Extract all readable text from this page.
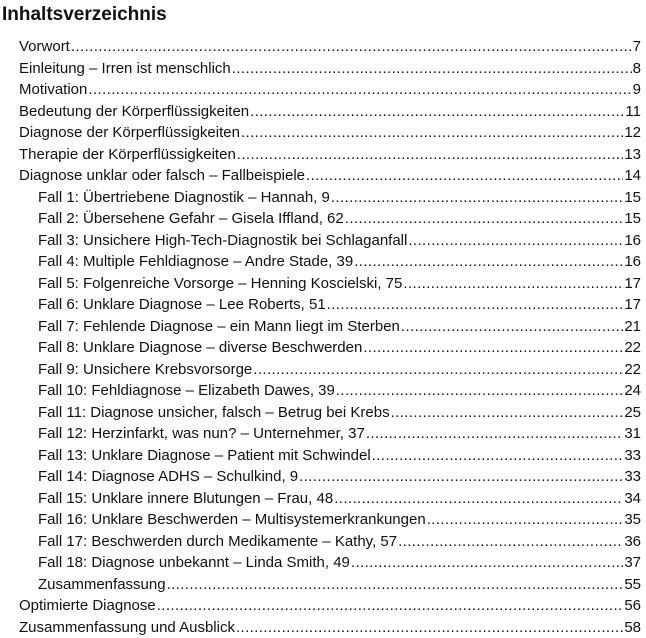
Inhaltsverzeichnis
Vorwort .....	7
Einleitung – Irren ist menschlich .....	8
Motivation .....	9
Bedeutung der Körperflüssigkeiten .....	11
Diagnose der Körperflüssigkeiten .....	12
Therapie der Körperflüssigkeiten .....	13
Diagnose unklar oder falsch – Fallbeispiele .....	14
Fall 1: Übertriebene Diagnostik – Hannah, 9 .....	15
Fall 2: Übersehene Gefahr – Gisela Iffland, 62 .....	15
Fall 3: Unsichere High-Tech-Diagnostik bei Schlaganfall .....	16
Fall 4: Multiple Fehldiagnose – Andre Stade, 39 .....	16
Fall 5: Folgenreiche Vorsorge – Henning Koscielski, 75 .....	17
Fall 6: Unklare Diagnose – Lee Roberts, 51 .....	17
Fall 7: Fehlende Diagnose – ein Mann liegt im Sterben .....	21
Fall 8: Unklare Diagnose – diverse Beschwerden .....	22
Fall 9: Unsichere Krebsvorsorge .....	22
Fall 10: Fehldiagnose – Elizabeth Dawes, 39 .....	24
Fall 11: Diagnose unsicher, falsch – Betrug bei Krebs .....	25
Fall 12: Herzinfarkt, was nun? – Unternehmer, 37 .....	31
Fall 13: Unklare Diagnose – Patient mit Schwindel .....	33
Fall 14: Diagnose ADHS – Schulkind, 9 .....	33
Fall 15: Unklare innere Blutungen – Frau, 48 .....	34
Fall 16: Unklare Beschwerden – Multisystemerkrankungen .....	35
Fall 17: Beschwerden durch Medikamente – Kathy, 57 .....	36
Fall 18: Diagnose unbekannt – Linda Smith, 49 .....	37
Zusammenfassung .....	55
Optimierte Diagnose .....	56
Zusammenfassung und Ausblick .....	58
